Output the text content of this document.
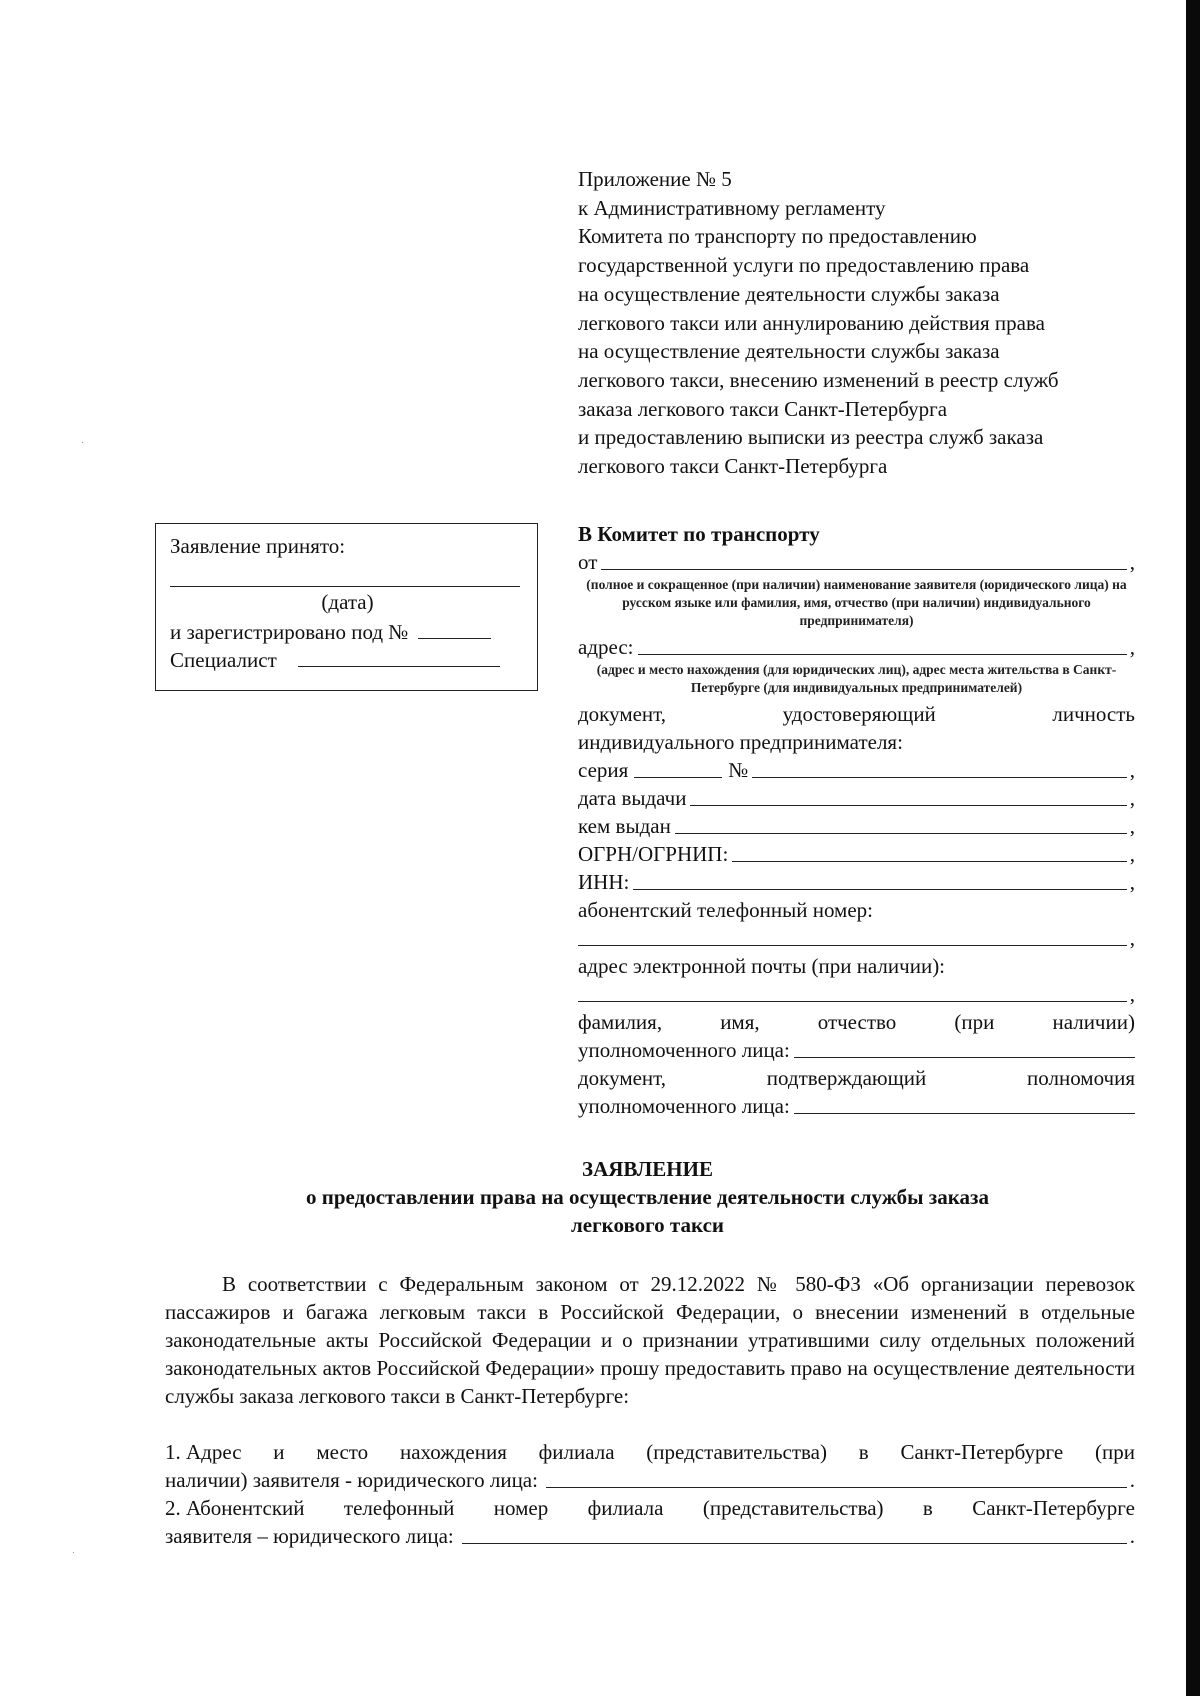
Приложение № 5
к Административному регламенту
Комитета по транспорту по предоставлению
государственной услуги по предоставлению права
на осуществление деятельности службы заказа
легкового такси или аннулированию действия права
на осуществление деятельности службы заказа
легкового такси, внесению изменений в реестр служб
заказа легкового такси Санкт-Петербурга
и предоставлению выписки из реестра служб заказа
легкового такси Санкт-Петербурга
Заявление принято:
(дата)
и зарегистрировано под №
Специалист
В Комитет по транспорту
от	,
(полное и сокращенное (при наличии) наименование заявителя (юридического лица) на русском языке или фамилия, имя, отчество (при наличии) индивидуального предпринимателя)
адрес:	,
(адрес и место нахождения (для юридических лиц), адрес места жительства в Санкт-Петербурге (для индивидуальных предпринимателей)
документ,	удостоверяющий	личность
индивидуального предпринимателя:
серия	№	,
дата выдачи	,
кем выдан	,
ОГРН/ОГРНИП:	,
ИНН:	,
абонентский телефонный номер:
,
адрес электронной почты (при наличии):
,
фамилия,	имя,	отчество	(при	наличии)
уполномоченного лица:
документ,	подтверждающий	полномочия
уполномоченного лица:
ЗАЯВЛЕНИЕ
о предоставлении права на осуществление деятельности службы заказа
легкового такси
В соответствии с Федеральным законом от 29.12.2022 № 580-ФЗ «Об организации перевозок пассажиров и багажа легковым такси в Российской Федерации, о внесении изменений в отдельные законодательные акты Российской Федерации и о признании утратившими силу отдельных положений законодательных актов Российской Федерации» прошу предоставить право на осуществление деятельности службы заказа легкового такси в Санкт-Петербурге:
1. Адрес и место нахождения филиала (представительства) в Санкт-Петербурге (при
наличии) заявителя - юридического лица:	.
2. Абонентский телефонный номер филиала (представительства) в Санкт-Петербурге
заявителя – юридического лица:	.
